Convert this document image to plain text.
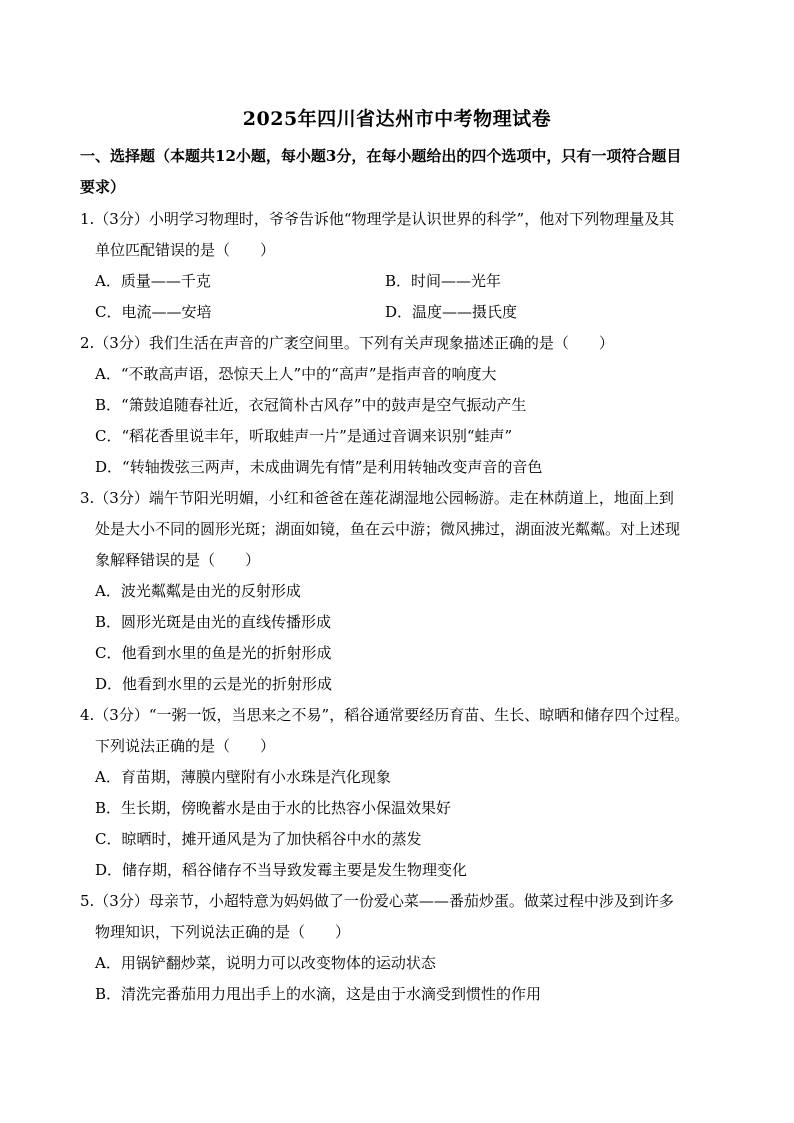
2025年四川省达州市中考物理试卷
一、选择题（本题共12小题，每小题3分，在每小题给出的四个选项中，只有一项符合题目
要求）
1.（3分）小明学习物理时，爷爷告诉他“物理学是认识世界的科学”，他对下列物理量及其
单位匹配错误的是（　　）
A．质量——千克	B．时间——光年
C．电流——安培	D．温度——摄氏度
2.（3分）我们生活在声音的广袤空间里。下列有关声现象描述正确的是（　　）
A．“不敢高声语，恐惊天上人”中的“高声”是指声音的响度大
B．“箫鼓追随春社近，衣冠简朴古风存”中的鼓声是空气振动产生
C．“稻花香里说丰年，听取蛙声一片”是通过音调来识别“蛙声”
D．“转轴拨弦三两声，未成曲调先有情”是利用转轴改变声音的音色
3.（3分）端午节阳光明媚，小红和爸爸在莲花湖湿地公园畅游。走在林荫道上，地面上到
处是大小不同的圆形光斑；湖面如镜，鱼在云中游；微风拂过，湖面波光粼粼。对上述现
象解释错误的是（　　）
A．波光粼粼是由光的反射形成
B．圆形光斑是由光的直线传播形成
C．他看到水里的鱼是光的折射形成
D．他看到水里的云是光的折射形成
4.（3分）“一粥一饭，当思来之不易”，稻谷通常要经历育苗、生长、晾晒和储存四个过程。
下列说法正确的是（　　）
A．育苗期，薄膜内壁附有小水珠是汽化现象
B．生长期，傍晚蓄水是由于水的比热容小保温效果好
C．晾晒时，摊开通风是为了加快稻谷中水的蒸发
D．储存期，稻谷储存不当导致发霉主要是发生物理变化
5.（3分）母亲节，小超特意为妈妈做了一份爱心菜——番茄炒蛋。做菜过程中涉及到许多
物理知识，下列说法正确的是（　　）
A．用锅铲翻炒菜，说明力可以改变物体的运动状态
B．清洗完番茄用力甩出手上的水滴，这是由于水滴受到惯性的作用
